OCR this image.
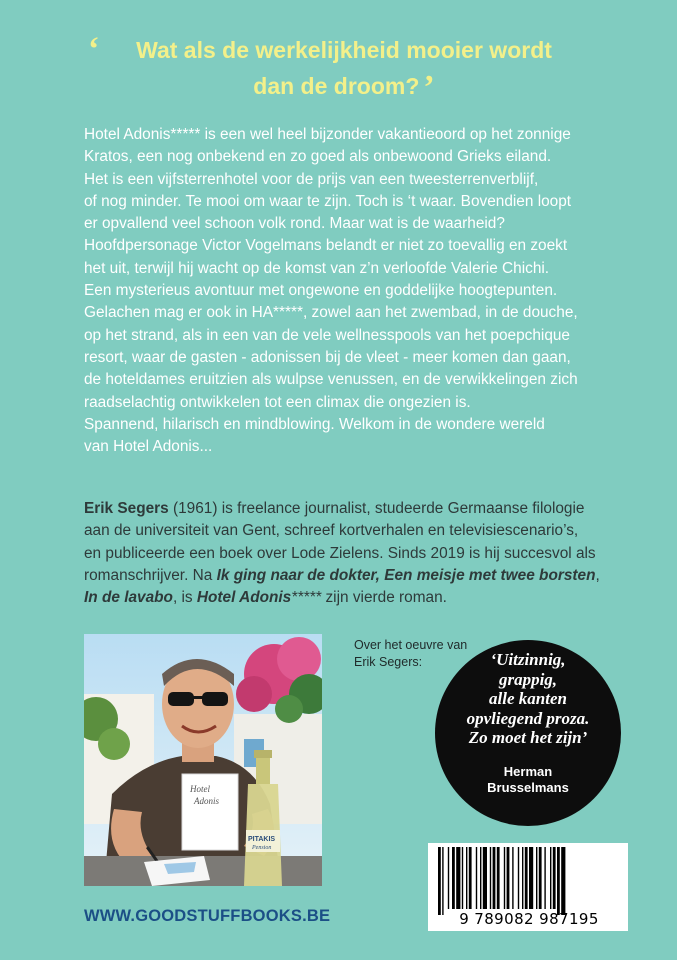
‘	Wat als de werkelijkheid mooier wordt
dan de droom? ’

Hotel Adonis***** is een wel heel bijzonder vakantieoord op het zonnige

Kratos, een nog onbekend en zo goed als onbewoond Grieks eiland.

Het is een vijfsterrenhotel voor de prijs van een tweesterrenverblijf,

of nog minder. Te mooi om waar te zijn. Toch is ‘t waar. Bovendien loopt

er opvallend veel schoon volk rond. Maar wat is de waarheid?

Hoofdpersonage Victor Vogelmans belandt er niet zo toevallig en zoekt

het uit, terwijl hij wacht op de komst van z’n verloofde Valerie Chichi.

Een mysterieus avontuur met ongewone en goddelijke hoogtepunten.

Gelachen mag er ook in HA*****, zowel aan het zwembad, in de douche,

op het strand, als in een van de vele wellnesspools van het poepchique

resort, waar de gasten - adonissen bij de vleet - meer komen dan gaan,

de hoteldames eruitzien als wulpse venussen, en de verwikkelingen zich

raadselachtig ontwikkelen tot een climax die ongezien is.

Spannend, hilarisch en mindblowing. Welkom in de wondere wereld

van Hotel Adonis...

Erik Segers (1961) is freelance journalist, studeerde Germaanse filologie

aan de universiteit van Gent, schreef kortverhalen en televisiescenario’s,

en publiceerde een boek over Lode Zielens. Sinds 2019 is hij succesvol als

romanschrijver. Na Ik ging naar de dokter, Een meisje met twee borsten,

In de lavabo, is Hotel Adonis***** zijn vierde roman.

Hotel
Adonis
PITAKIS
Pension
Over het oeuvre van
Erik Segers:	‘Uitzinnig,
grappig,
alle kanten
opvliegend proza.
Zo moet het zijn’
Herman
Brusselmans
9 789082 987195
WWW.GOODSTUFFBOOKS.BE
